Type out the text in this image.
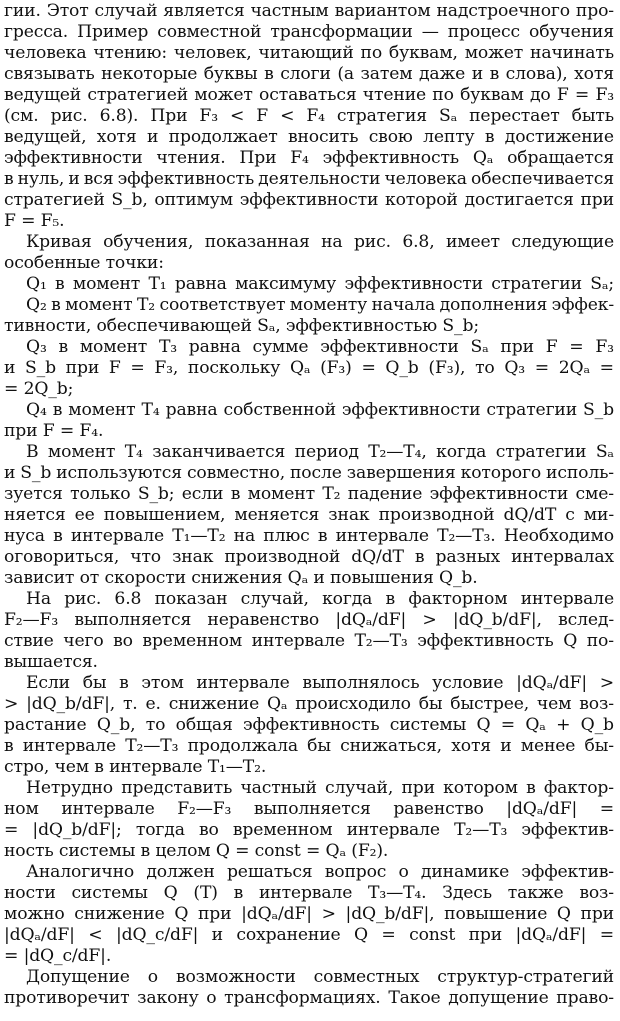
гии. Этот случай является частным вариантом надстроечного про-
гресса. Пример совместной трансформации — процесс обучения
человека чтению: человек, читающий по буквам, может начинать
связывать некоторые буквы в слоги (а затем даже и в слова), хотя
ведущей стратегией может оставаться чтение по буквам до F = F₃
(см. рис. 6.8). При F₃ < F < F₄ стратегия Sₐ перестает быть
ведущей, хотя и продолжает вносить свою лепту в достижение
эффективности чтения. При F₄ эффективность Qₐ обращается
в нуль, и вся эффективность деятельности человека обеспечивается
стратегией S_b, оптимум эффективности которой достигается при
F = F₅.
Кривая обучения, показанная на рис. 6.8, имеет следующие
особенные точки:
Q₁ в момент T₁ равна максимуму эффективности стратегии Sₐ;
Q₂ в момент T₂ соответствует моменту начала дополнения эффек-
тивности, обеспечивающей Sₐ, эффективностью S_b;
Q₃ в момент T₃ равна сумме эффективности Sₐ при F = F₃
и S_b при F = F₃, поскольку Qₐ (F₃) = Q_b (F₃), то Q₃ = 2Qₐ =
= 2Q_b;
Q₄ в момент T₄ равна собственной эффективности стратегии S_b
при F = F₄.
В момент T₄ заканчивается период T₂—T₄, когда стратегии Sₐ
и S_b используются совместно, после завершения которого исполь-
зуется только S_b; если в момент T₂ падение эффективности сме-
няется ее повышением, меняется знак производной dQ/dT с ми-
нуса в интервале T₁—T₂ на плюс в интервале T₂—T₃. Необходимо
оговориться, что знак производной dQ/dT в разных интервалах
зависит от скорости снижения Qₐ и повышения Q_b.
На рис. 6.8 показан случай, когда в факторном интервале
F₂—F₃ выполняется неравенство |dQₐ/dF| > |dQ_b/dF|, вслед-
ствие чего во временном интервале T₂—T₃ эффективность Q по-
вышается.
Если бы в этом интервале выполнялось условие |dQₐ/dF| >
> |dQ_b/dF|, т. е. снижение Qₐ происходило бы быстрее, чем воз-
растание Q_b, то общая эффективность системы Q = Qₐ + Q_b
в интервале T₂—T₃ продолжала бы снижаться, хотя и менее бы-
стро, чем в интервале T₁—T₂.
Нетрудно представить частный случай, при котором в фактор-
ном интервале F₂—F₃ выполняется равенство |dQₐ/dF| =
= |dQ_b/dF|; тогда во временном интервале T₂—T₃ эффектив-
ность системы в целом Q = const = Qₐ (F₂).
Аналогично должен решаться вопрос о динамике эффектив-
ности системы Q (T) в интервале T₃—T₄. Здесь также воз-
можно снижение Q при |dQₐ/dF| > |dQ_b/dF|, повышение Q при
|dQₐ/dF| < |dQ_c/dF| и сохранение Q = const при |dQₐ/dF| =
= |dQ_c/dF|.
Допущение о возможности совместных структур-стратегий
противоречит закону о трансформациях. Такое допущение право-
